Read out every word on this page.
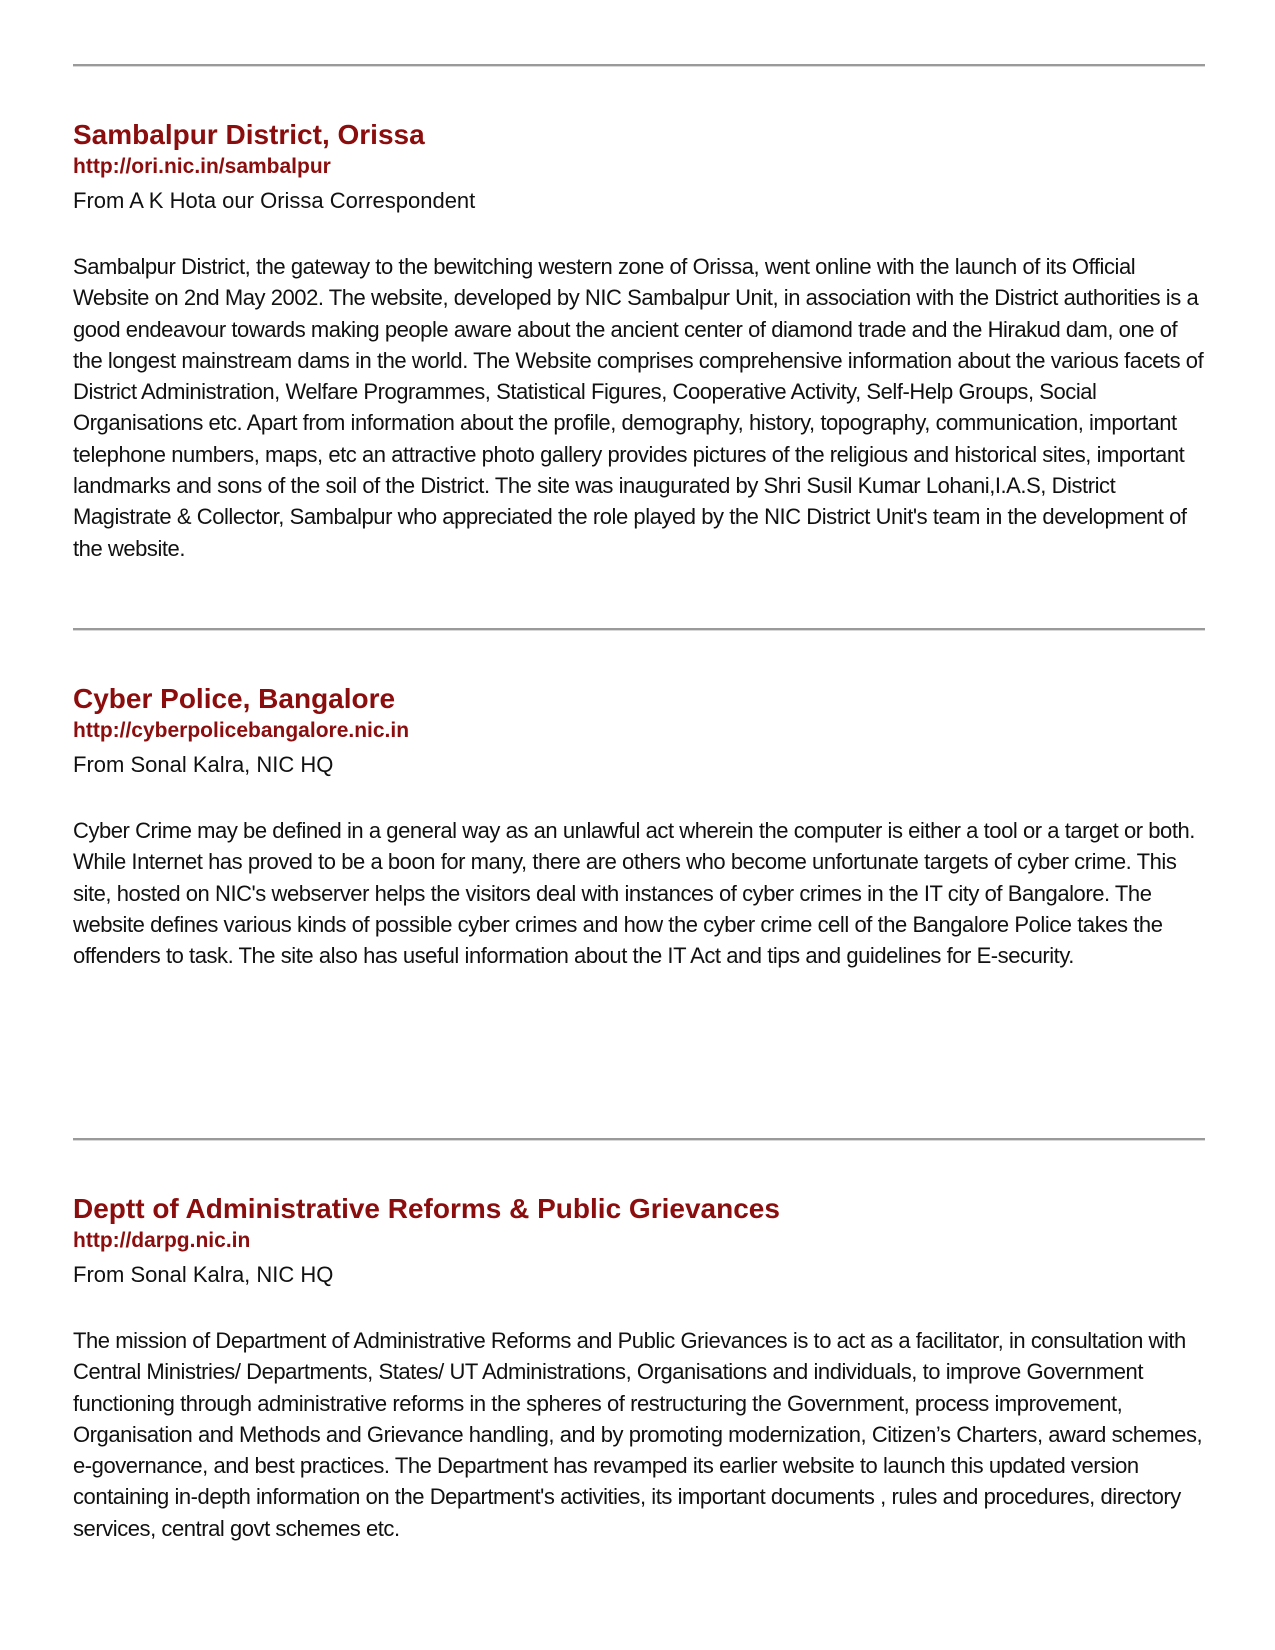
Sambalpur District, Orissa
http://ori.nic.in/sambalpur

From A K Hota our Orissa Correspondent

Sambalpur District, the gateway to the bewitching western zone of Orissa, went online with the launch of its Official Website on 2nd May 2002. The website, developed by NIC Sambalpur Unit, in association with the District authorities is a good endeavour towards making people aware about the ancient center of diamond trade and the Hirakud dam, one of the longest mainstream dams in the world. The Website comprises comprehensive information about the various facets of District Administration, Welfare Programmes, Statistical Figures, Cooperative Activity, Self-Help Groups, Social Organisations etc. Apart from information about the profile, demography, history, topography, communication, important telephone numbers, maps, etc an attractive photo gallery provides pictures of the religious and historical sites, important landmarks and sons of the soil of the District. The site was inaugurated by Shri Susil Kumar Lohani,I.A.S, District Magistrate & Collector, Sambalpur who appreciated the role played by the NIC District Unit's team in the development of the website.

Cyber Police, Bangalore
http://cyberpolicebangalore.nic.in

From Sonal Kalra, NIC HQ

Cyber Crime may be defined in a general way as an unlawful act wherein the computer is either a tool or a target or both. While Internet has proved to be a boon for many, there are others who become unfortunate targets of cyber crime. This site, hosted on NIC's webserver helps the visitors deal with instances of cyber crimes in the IT city of Bangalore. The website defines various kinds of possible cyber crimes and how the cyber crime cell of the Bangalore Police takes the offenders to task. The site also has useful information about the IT Act and tips and guidelines for E-security.

Deptt of Administrative Reforms & Public Grievances
http://darpg.nic.in

From Sonal Kalra, NIC HQ

The mission of Department of Administrative Reforms and Public Grievances is to act as a facilitator, in consultation with Central Ministries/ Departments, States/ UT Administrations, Organisations and individuals, to improve Government functioning through administrative reforms in the spheres of restructuring the Government, process improvement, Organisation and Methods and Grievance handling, and by promoting modernization, Citizen’s Charters, award schemes, e-governance, and best practices. The Department has revamped its earlier website to launch this updated version containing in-depth information on the Department's activities, its important documents , rules and procedures, directory services, central govt schemes etc.
